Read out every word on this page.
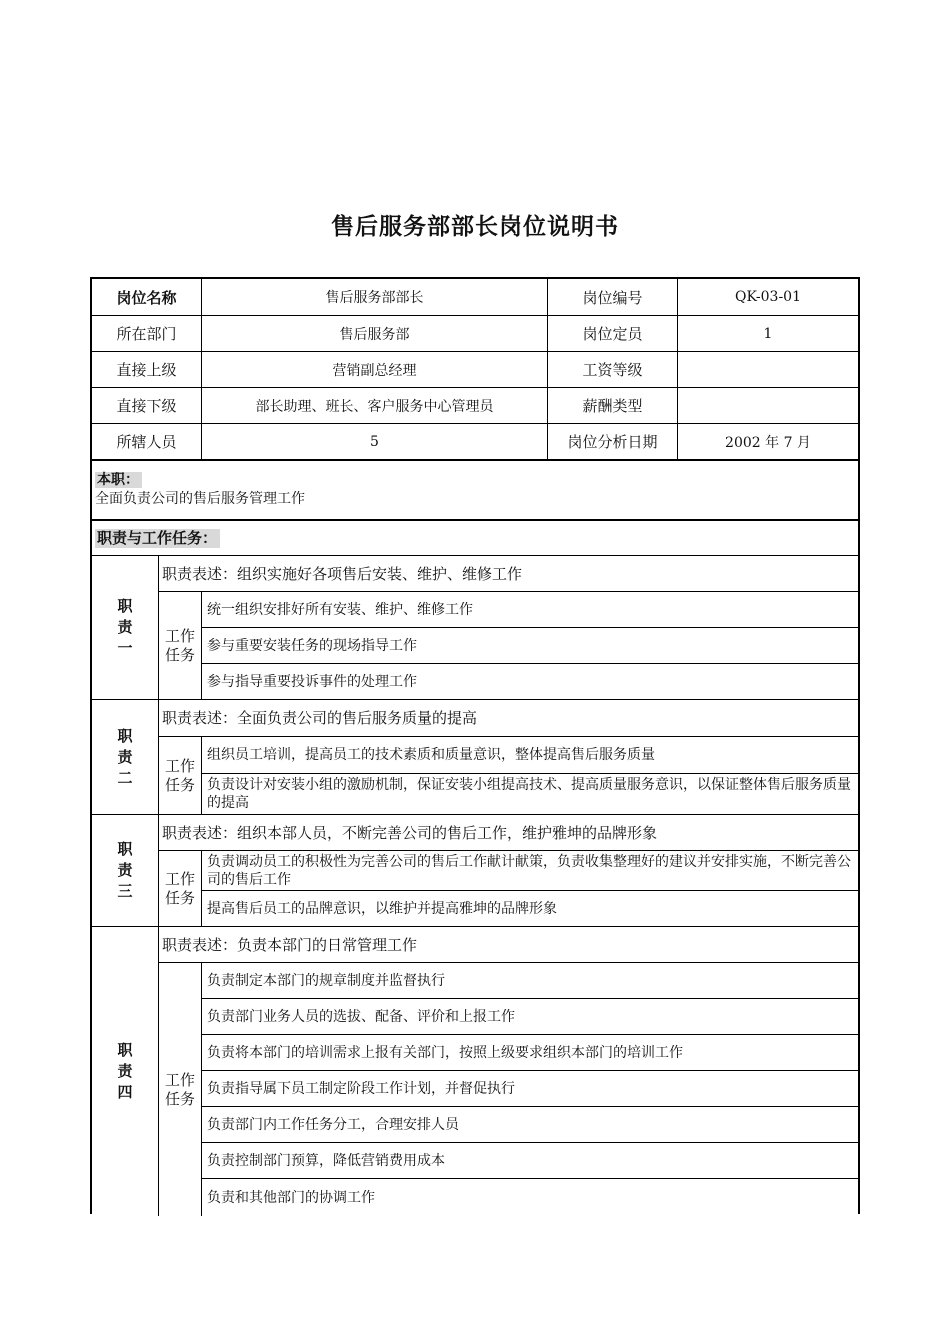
售后服务部部长岗位说明书
岗位名称	售后服务部部长	岗位编号	QK-03-01
所在部门	售后服务部	岗位定员	1
直接上级	营销副总经理	工资等级
直接下级	部长助理、班长、客户服务中心管理员	薪酬类型
所辖人员	5	岗位分析日期	2002 年 7 月
本职：
全面负责公司的售后服务管理工作
职责与工作任务：
职
责
一
职责表述：组织实施好各项售后安装、维护、维修工作
工作
任务
统一组织安排好所有安装、维护、维修工作
参与重要安装任务的现场指导工作
参与指导重要投诉事件的处理工作
职
责
二
职责表述：全面负责公司的售后服务质量的提高
工作
任务
组织员工培训，提高员工的技术素质和质量意识，整体提高售后服务质量
负责设计对安装小组的激励机制，保证安装小组提高技术、提高质量服务意识，以保证整体售后服务质量的提高
职
责
三
职责表述：组织本部人员，不断完善公司的售后工作，维护雅坤的品牌形象
工作
任务
负责调动员工的积极性为完善公司的售后工作献计献策，负责收集整理好的建议并安排实施，不断完善公司的售后工作
提高售后员工的品牌意识，以维护并提高雅坤的品牌形象
职
责
四
职责表述：负责本部门的日常管理工作
工作
任务
负责制定本部门的规章制度并监督执行
负责部门业务人员的选拔、配备、评价和上报工作
负责将本部门的培训需求上报有关部门，按照上级要求组织本部门的培训工作
负责指导属下员工制定阶段工作计划，并督促执行
负责部门内工作任务分工，合理安排人员
负责控制部门预算，降低营销费用成本
负责和其他部门的协调工作
